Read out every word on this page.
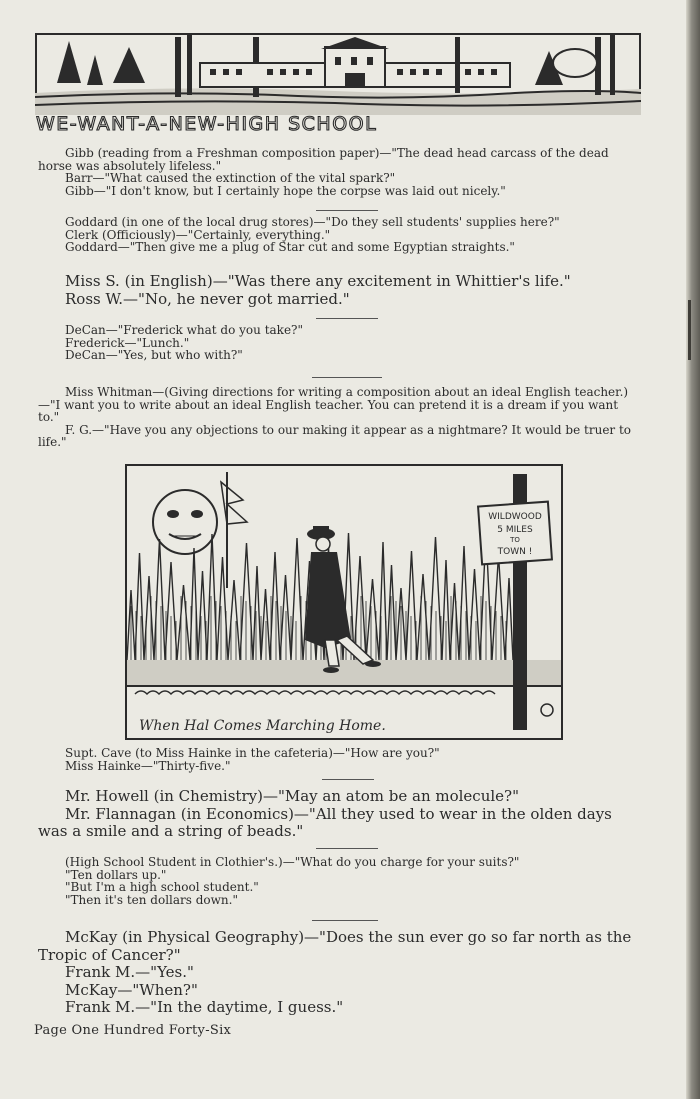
WE-WANT-A-NEW-HIGH SCHOOL

Gibb (reading from a Freshman composition paper)—"The dead head carcass of the dead horse was absolutely lifeless."

Barr—"What caused the extinction of the vital spark?"

Gibb—"I don't know, but I certainly hope the corpse was laid out nicely."

Goddard (in one of the local drug stores)—"Do they sell students' supplies here?"

Clerk (Officiously)—"Certainly, everything."

Goddard—"Then give me a plug of Star cut and some Egyptian straights."

Miss S. (in English)—"Was there any excitement in Whittier's life."

Ross W.—"No, he never got married."

DeCan—"Frederick what do you take?"

Frederick—"Lunch."

DeCan—"Yes, but who with?"

Miss Whitman—(Giving directions for writing a composition about an ideal English teacher.)—"I want you to write about an ideal English teacher. You can pretend it is a dream if you want to."

F. G.—"Have you any objections to our making it appear as a nightmare? It would be truer to life."

WILDWOOD
5 MILES
TO
TOWN !
When Hal Comes Marching Home.

Supt. Cave (to Miss Hainke in the cafeteria)—"How are you?"

Miss Hainke—"Thirty-five."

Mr. Howell (in Chemistry)—"May an atom be an molecule?"

Mr. Flannagan (in Economics)—"All they used to wear in the olden days was a smile and a string of beads."

(High School Student in Clothier's.)—"What do you charge for your suits?"

"Ten dollars up."

"But I'm a high school student."

"Then it's ten dollars down."

McKay (in Physical Geography)—"Does the sun ever go so far north as the Tropic of Cancer?"

Frank M.—"Yes."

McKay—"When?"

Frank M.—"In the daytime, I guess."

Page One Hundred Forty-Six
